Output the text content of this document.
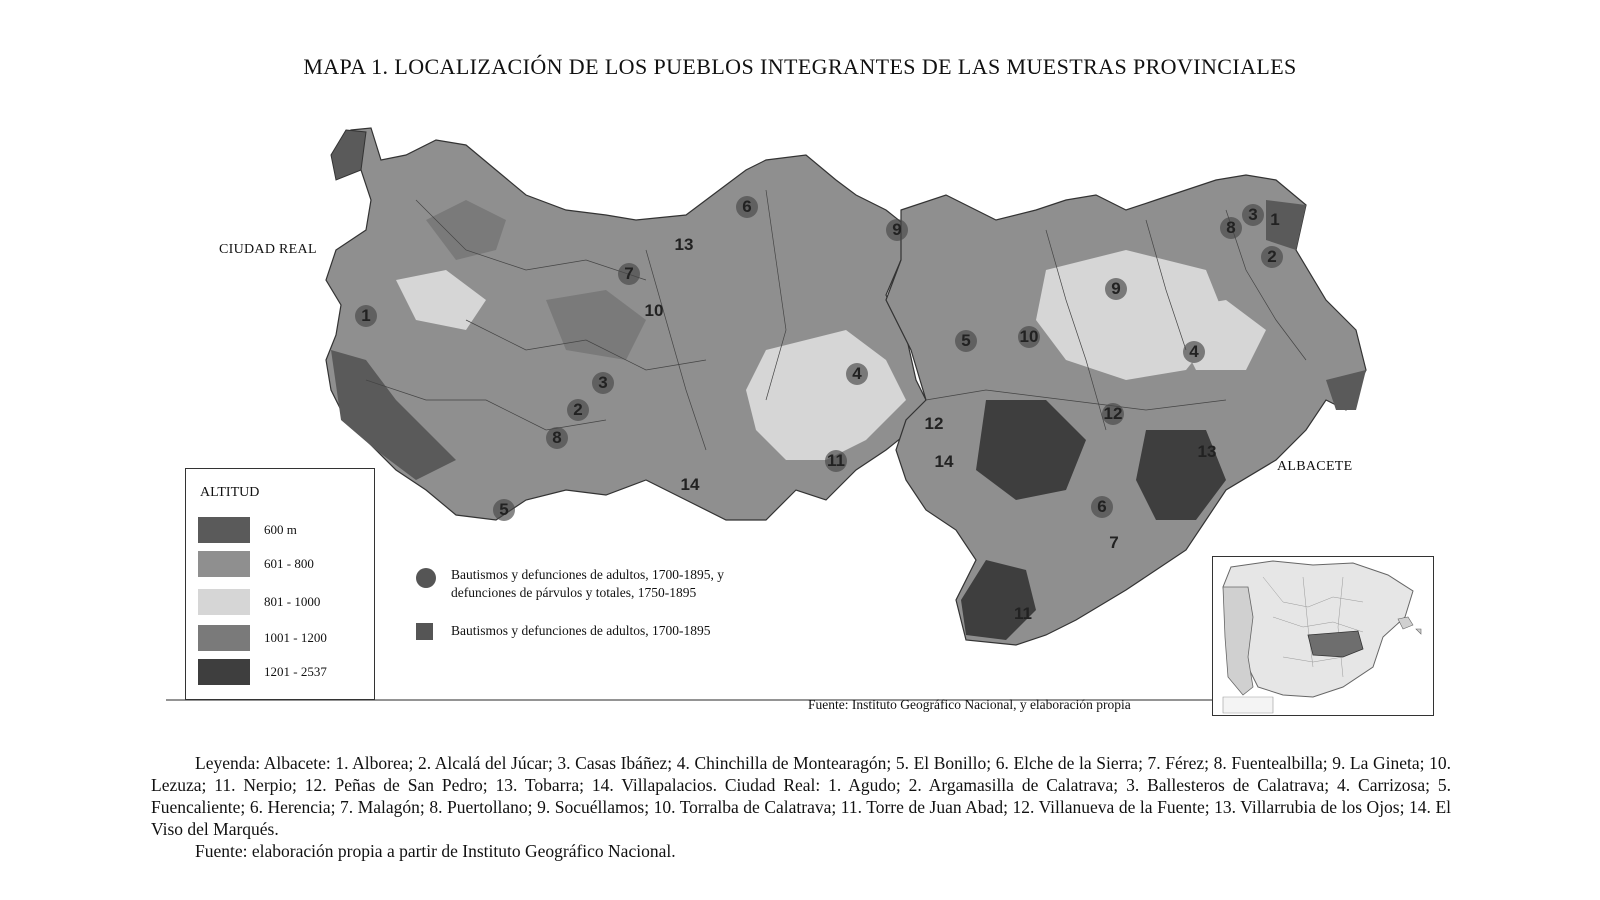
MAPA 1. LOCALIZACIÓN DE LOS PUEBLOS INTEGRANTES DE LAS MUESTRAS PROVINCIALES
CIUDAD REAL
ALBACETE
1
2
3	4
5
6
7
8
9
10
11
12
13
14
1
2
3
4
5
6
7
8
9
10
11
12
13
14
ALTITUD
600 m
601 - 800
801 - 1000
1001 - 1200
1201 - 2537
Bautismos y defunciones de adultos, 1700-1895, y
defunciones de párvulos y totales, 1750-1895
Bautismos y defunciones de adultos, 1700-1895
Fuente: Instituto Geográfico Nacional, y elaboración propia

Leyenda: Albacete: 1. Alborea; 2. Alcalá del Júcar; 3. Casas Ibáñez; 4. Chinchilla de Montearagón; 5. El Bonillo; 6. Elche de la Sierra; 7. Férez; 8. Fuentealbilla; 9. La Gineta; 10. Lezuza; 11. Nerpio; 12. Peñas de San Pedro; 13. Tobarra; 14. Villapalacios. Ciudad Real: 1. Agudo; 2. Argamasilla de Calatrava; 3. Ballesteros de Calatrava; 4. Carrizosa; 5. Fuencaliente; 6. Herencia; 7. Malagón; 8. Puertollano; 9. Socuéllamos; 10. Torralba de Calatrava; 11. Torre de Juan Abad; 12. Villanueva de la Fuente; 13. Villarrubia de los Ojos; 14. El Viso del Marqués.

Fuente: elaboración propia a partir de Instituto Geográfico Nacional.
